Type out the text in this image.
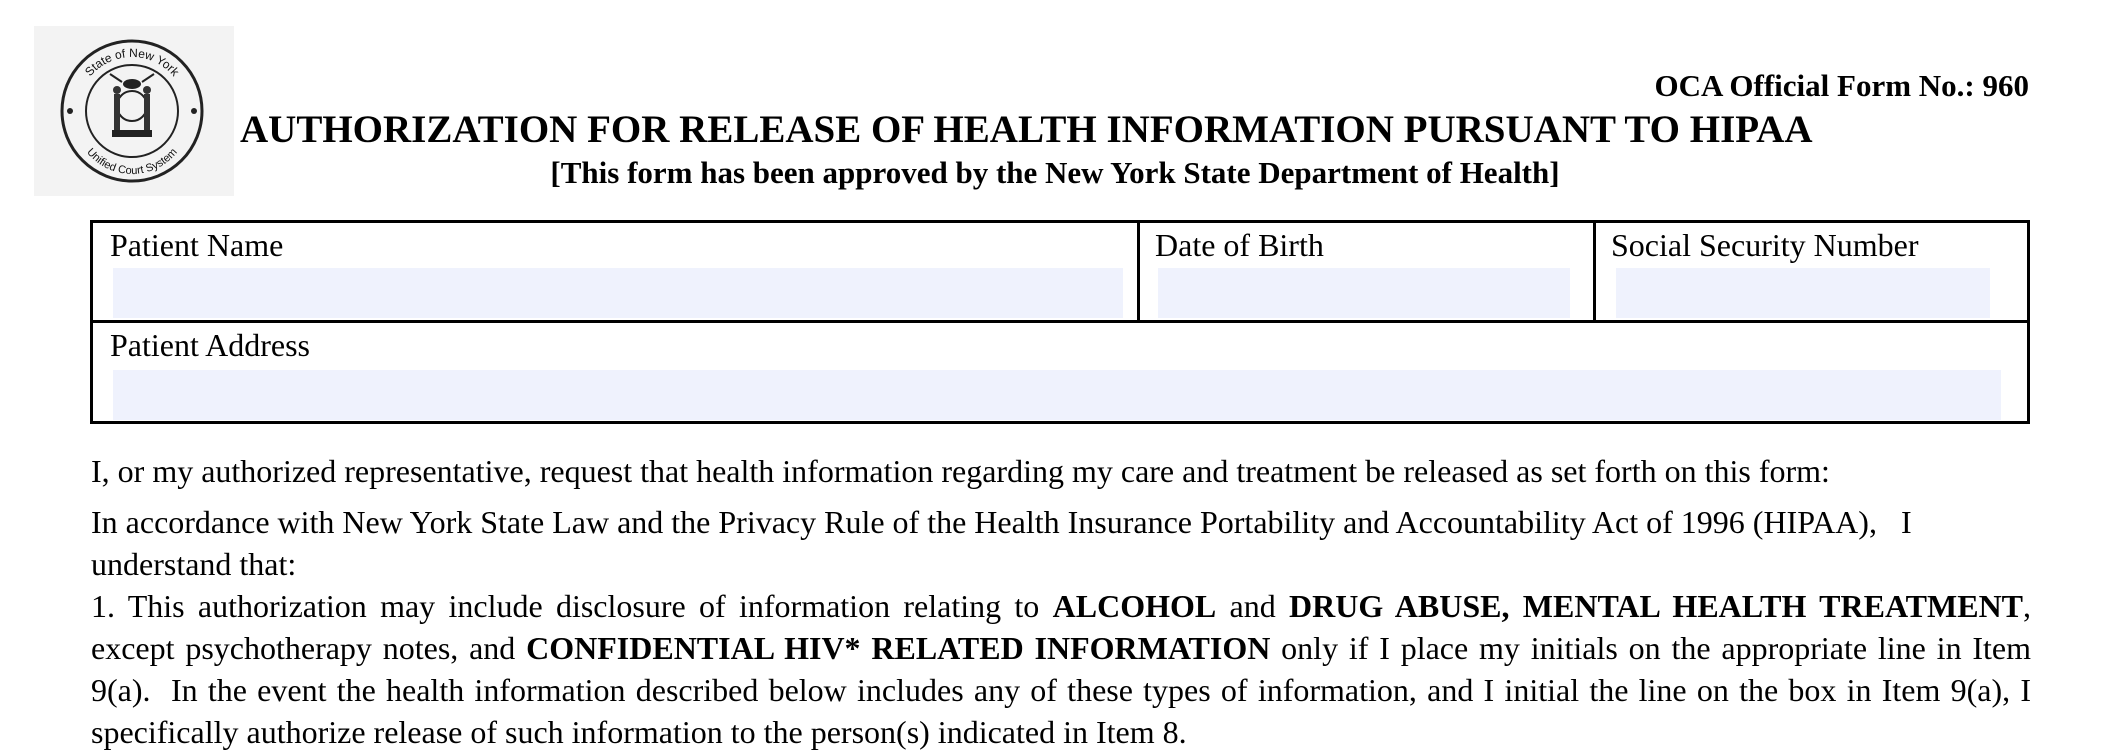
State of New York
Unified Court System
OCA Official Form No.: 960
AUTHORIZATION FOR RELEASE OF HEALTH INFORMATION PURSUANT TO HIPAA
[This form has been approved by the New York State Department of Health]
Patient Name	Date of Birth	Social Security Number
Patient Address
I, or my authorized representative, request that health information regarding my care and treatment be released as set forth on this form:
In accordance with New York State Law and the Privacy Rule of the Health Insurance Portability and Accountability Act of 1996 (HIPAA),   I understand that:
1. This authorization may include disclosure of information relating to ALCOHOL and DRUG ABUSE, MENTAL HEALTH TREATMENT, except psychotherapy notes, and CONFIDENTIAL HIV* RELATED INFORMATION only if I place my initials on the appropriate line in Item 9(a).  In the event the health information described below includes any of these types of information, and I initial the line on the box in Item 9(a), I specifically authorize release of such information to the person(s) indicated in Item 8.
